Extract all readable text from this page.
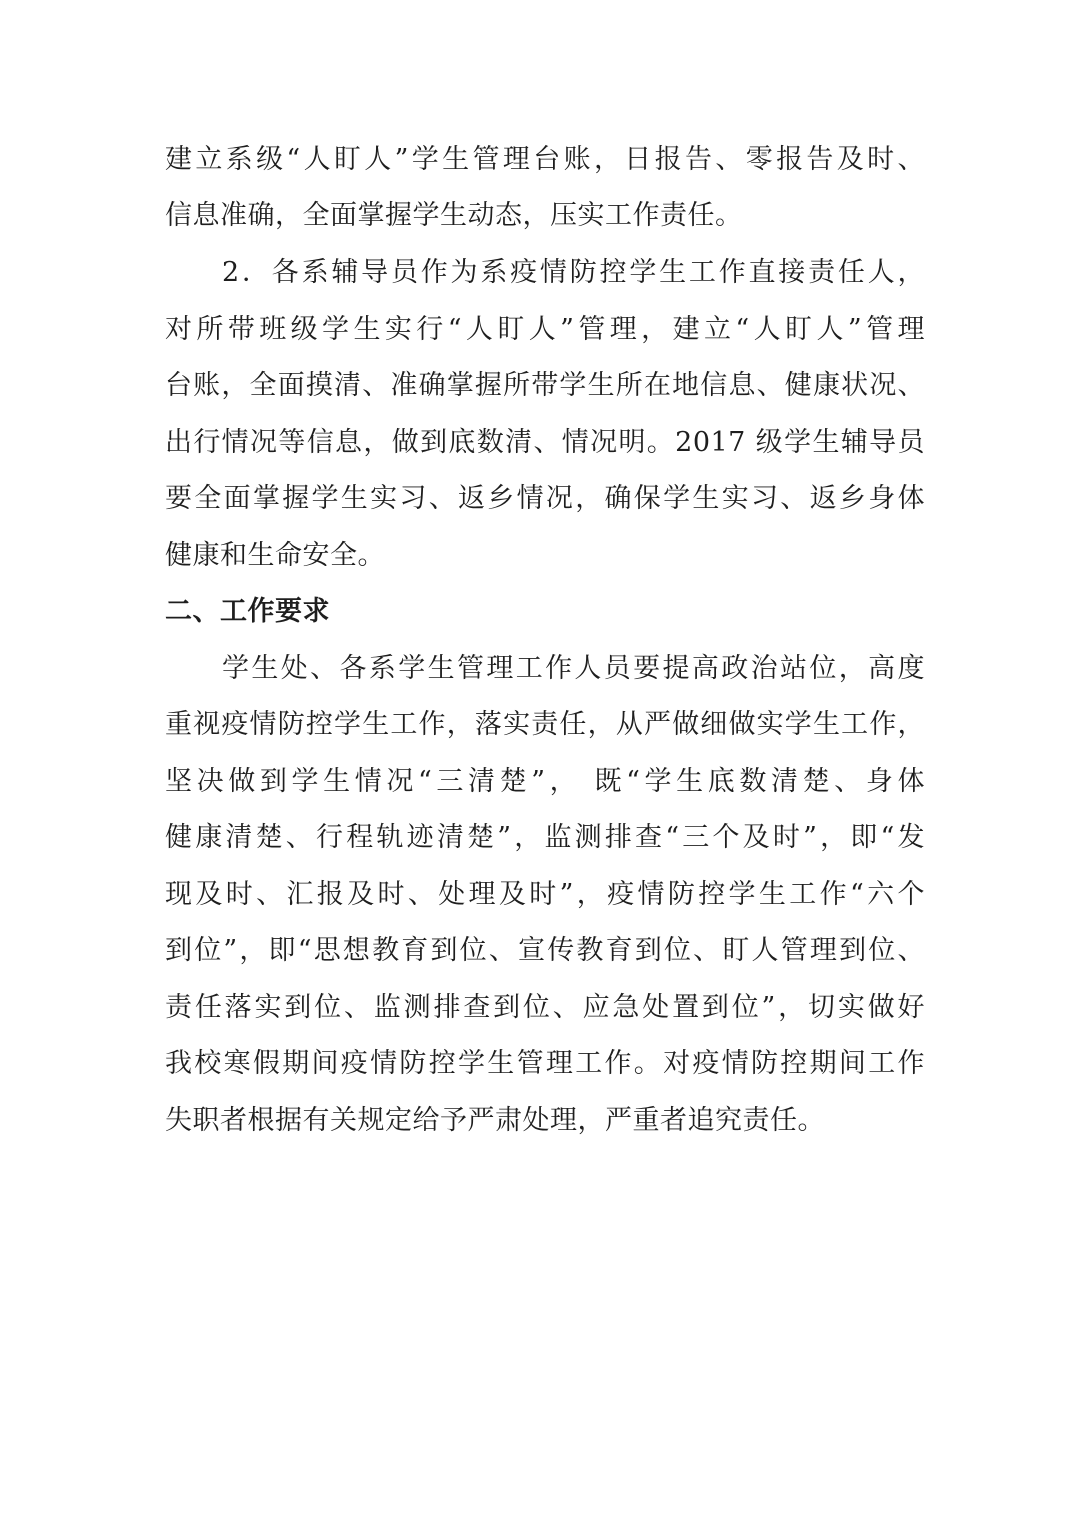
建立系级“人盯人”学生管理台账，日报告、零报告及时、
信息准确，全面掌握学生动态，压实工作责任。
2．各系辅导员作为系疫情防控学生工作直接责任人，
对所带班级学生实行“人盯人”管理，建立“人盯人”管理
台账，全面摸清、准确掌握所带学生所在地信息、健康状况、
出行情况等信息，做到底数清、情况明。2017 级学生辅导员
要全面掌握学生实习、返乡情况，确保学生实习、返乡身体
健康和生命安全。
二、工作要求
学生处、各系学生管理工作人员要提高政治站位，高度
重视疫情防控学生工作，落实责任，从严做细做实学生工作，
坚决做到学生情况“三清楚”， 既“学生底数清楚、身体
健康清楚、行程轨迹清楚”，监测排查“三个及时”，即“发
现及时、汇报及时、处理及时”，疫情防控学生工作“六个
到位”，即“思想教育到位、宣传教育到位、盯人管理到位、
责任落实到位、监测排查到位、应急处置到位”，切实做好
我校寒假期间疫情防控学生管理工作。对疫情防控期间工作
失职者根据有关规定给予严肃处理，严重者追究责任。
